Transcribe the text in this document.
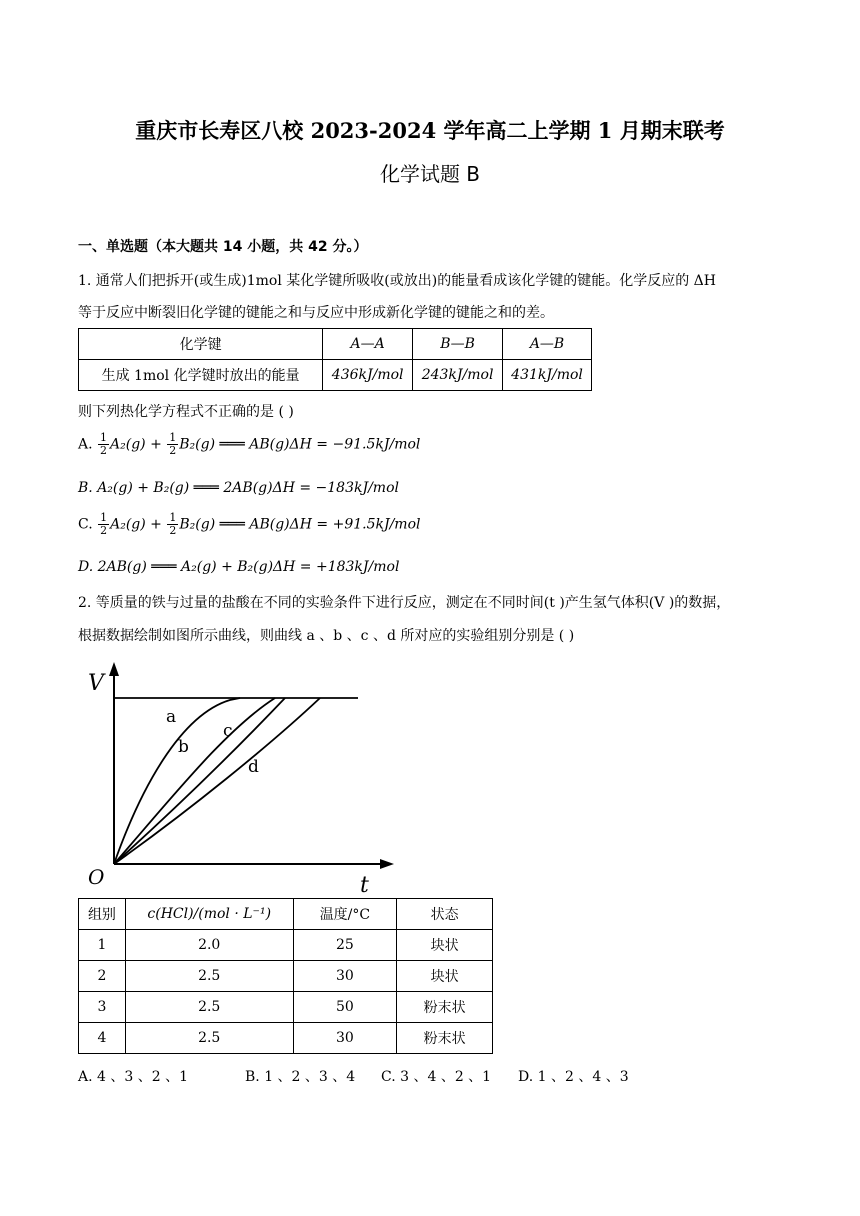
重庆市长寿区八校 2023-2024 学年高二上学期 1 月期末联考
化学试题 B
一、单选题（本大题共 14 小题，共 42 分。）
1. 通常人们把拆开(或生成)1mol 某化学键所吸收(或放出)的能量看成该化学键的键能。化学反应的 ΔH
等于反应中断裂旧化学键的键能之和与反应中形成新化学键的键能之和的差。
化学键	A—A	B—B	A—B
生成 1mol 化学键时放出的能量	436kJ/mol	243kJ/mol	431kJ/mol
则下列热化学方程式不正确的是 ( )
A. $\frac{1}{2} A_2(g) + \frac{1}{2} B_2(g)$ ═══ AB(g)ΔH = −91.5kJ/mol
B. A₂(g) + B₂(g) ═══ 2AB(g)ΔH = −183kJ/mol
C. $\frac{1}{2} A_2(g) + \frac{1}{2} B_2(g)$ ═══ AB(g)ΔH = +91.5kJ/mol
D. 2AB(g) ═══ A₂(g) + B₂(g)ΔH = +183kJ/mol
2. 等质量的铁与过量的盐酸在不同的实验条件下进行反应，测定在不同时间(t )产生氢气体积(V )的数据，
根据数据绘制如图所示曲线，则曲线 a 、b 、c 、d 所对应的实验组别分别是 ( )
V
t
O
a
b
c
d
组别	c(HCl)/(mol · L⁻¹)	温度/°C	状态
1	2.0	25	块状
2	2.5	30	块状
3	2.5	50	粉末状
4	2.5	30	粉末状
A. 4 、3 、2 、1	B. 1 、2 、3 、4 C. 3 、4 、2 、1 D. 1 、2 、4 、3
